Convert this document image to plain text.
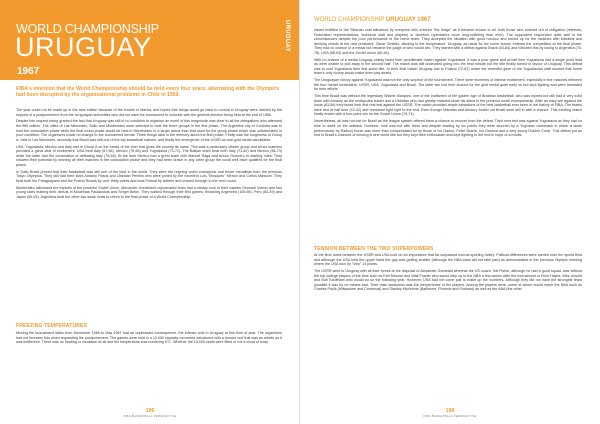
WORLD CHAMPIONSHIP
URUGUAY
1967
URUGUAY
FIBA's intention that the World Championship should be held every four years, alternating with the Olympics had been disrupted by the organisational problems in Chile in 1959.

The year could not be made up in the next edition because of the trouble in Manila, and hopes that things would go back to normal in Uruguay were dashed by the request of a postponement from the Uruguayan authorities who did not want the tournament to coincide with the general election being held at the end of 1966.

Despite this request being granted the fact that Uruguay was still in no condition to organise an event of this magnitude was clear to all the delegations who attended the fifth edition. The cities of Las Mercedes, Salto and Montevideo were selected to host the three groups in the first phase. The Argentine city of Cordoba was to host the consolation phase while the final round phase would be held in Montevideo in a larger arena than that used for the group phase which was unfortunately in poor condition. The organisers made no change to the tournament format. Three things stick in the memory about the first phase. Firstly was the toughness of Group A, held in Las Mercedes, secondly that Brazil was still one of the top basketball nations, and finally the emergence of the USSR as real gold medal candidates.

USA, Yugoslavia, Mexico and Italy met in Group A on the banks of the river that gives the country its name. This was a particularly vibrant group and all six matches provided a great deal of excitement. USA beat Italy (67-56), Mexico (75-65) and Yugoslavia (73-71). The Balkan team beat both Italy (71-62) and Mexico (86-73) while the latter had the consolation of defeating Italy (78-66). At the time Mexico had a great team with Manuel Raga and Arturo Guerrero in starting roles. They showed their potential by winning all their matches in the consolation phase and they had been drawn in any other group the could well have qualified for the final phase.

In Salto Brazil proved that their basketball was still one of the best in the world. They were the reigning world champions and broke medallists from the previous Tokyo Olympics. They still had their stars Amaury Pasos and Ubiratan Pereira who were joined by the excellent Luis "Mosquito" Menon and Carlos Massoni. They beat both the Paraguayans and the Puerto Ricans by over thirty points and beat Poland by sixteen and cruised through to the next round.

Montevideo witnessed the exploits of the powerful Soviet Union. Alexander Gomelski's rejuvenated team had a steady rock in their captain Gennadi Volnov and two young stars making their debuts in Modestas Paulauskas and Sergei Belov. They walked through their first games, thrashing Argentina (105-66), Peru (84-49) and Japan (85-63). Argentina beat the other two weak rivals to return to the final phase of a World Championship.

FREEZING TEMPERATURES

Moving the tournament dates from December 1966 to May 1967 had an unpleasant consequence, the intense cold in Uruguay at this time of year. The organisers had not foreseen this when requesting the postponement. The games were held in a 15,000 capacity converted velodrome with a domed roof that was as artistic as it was ineffective. There was no heating or insulation at all and the temperature was bordering 0°C. Whether the 15,000 seats were filled or not a cloud of body

196
FIBA BASKETBALL PERSPECTIVE
WORLD CHAMPIONSHIP URUGUAY 1967

steam testified to the Siberian cold withstood by everyone who entered "the fridge" as it became known to all, both those who entered out of obligation (referees, Federation representatives, technical staff and players) or devotion (spectators more long-suffering than ever). The supporters responded quite well in the circumstances despite the poor performance of the home team. They accepted the situation with good humour and turned up for the matches with blankets and drinking chants at the new president, Oscar Gestido, alluding to the temperature. Uruguay, as usual for the home teams, entered the competition at the final phase. They had no chance of a medal but became the judge of who would win. They started with a defeat against Brazil (63-64) and followed this by losing to Argentina (70-75), USA (88-53) and the Soviet Union (60-84).

With no chance of a medal Uruguay calmly faced their penultimate match against Yugoslavia. It was a poor game and at half time Yugoslavia had a single point lead as were unable to pull away in the second half. The match was still undecided going into the final minute but the title finally turned in favour of Uruguay. This defeat was to cost Yugoslavia their first world title. In their final match Uruguay lost to Poland (72-62) under the resentful gaze of the Yugoslavian staff worried that home team's only victory would make them pay dearly.

The Uruguayan victory against Yugoslavia was not the only surprise of the tournament. There were moments of intense excitement, especially in the matches between the four medal contenders: USSR, USA, Yugoslavia and Brazil. The latter two lost their chance for the gold medal quite early on but kept fighting and were rewarded for their efforts.

This time Brazil was without the legendary Wlamir Marques, one of the craftsmen of the golden age of Brazilian basketball, who was injured but still had a very solid team with Amaury as the undisputed leader and a Ubiratan who had greatly matured since his debut in the previous world championship. After an easy win against the hosts (63-56) they faced their first real test against the USSR. The match provided ample attractions of the best basketball ever seen in the history of FIBA. The teams were tied at half time (42-42) and remained tight right to the end. Even though Ubiratan and Amaury fouled out Brazil were still in with a chance. This exciting match finally ended with a four-point win for the Soviet Union (78-74).

Nevertheless, all was not lost for Brazil as the league system offered them a chance to recover from the defeat. Their next test was against Yugoslavia as they had no time to dwell on the setback. However, luck was not with them and despite leading by six points they were stunned by a Yugoslav comeback in which a weak performance by Radivoj Korac was more than compensated for by those of Ivo Daneu, Petar Skansi, Ivo Danova and a very young Dražen Cosic. This defeat put an end to Brazil's chances of winning a new world title but they kept their enthusiasm and kept fighting to the end in hope of a medal.

TENSION BETWEEN THE TWO SUPERPOWERS

At the time duels between the USSR and USA took on an importance that far surpassed normal sporting rivalry. Political differences were carried onto the sports field and although the USA held the upper hand the gap was getting smaller (although the NBA stars did not take part) as demonstrated in the previous Olympic meeting where the USA won by "only" 14 points.

The USSR went to Uruguay with all their forces at the disposal of Alexander Gomelski whereas the US coach, Hal Fisher, although he had a good squad, was without the top college players of the time such as Earl Monroe and Walt Frazier who would step up to the NBA a few weeks after the tournament or Elvin Hayes, Wes Unseld and Bob Kauffman who would do so the following year. However, USA had not come just to make up the numbers. Although they did not have the strongest team possible it was by no means bad. Their main weakness was the inexperience of the players. Among the players were, some of whom would reach the NBA such as Charles Paulk (Milwaukee and Cincinnati) and Stanley McKenzie (Baltimore, Phoenix and Portland) as well as the ABA (the other

196
FIBA BASKETBALL PERSPECTIVE
